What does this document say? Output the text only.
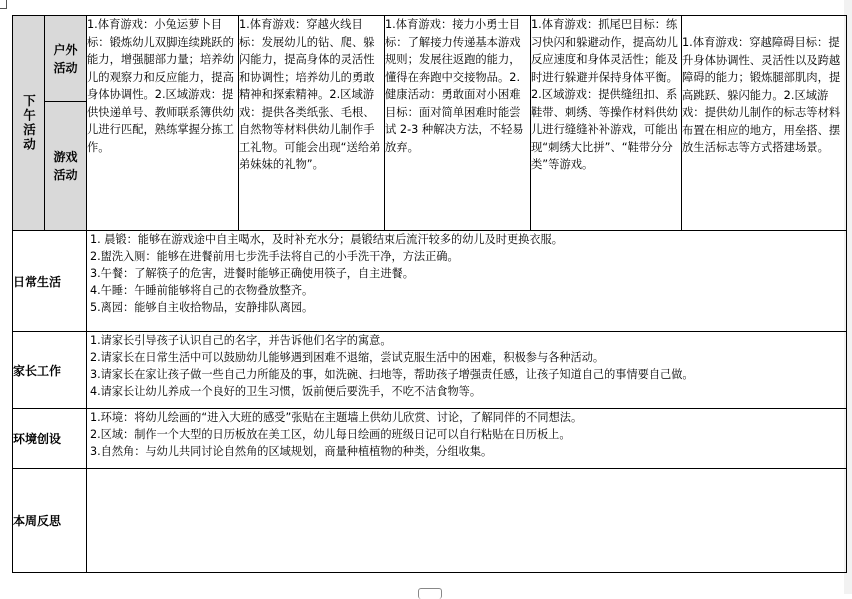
下午活动	户外活动	1.体育游戏：小兔运萝卜目标：锻炼幼儿双脚连续跳跃的能力，增强腿部力量；培养幼儿的观察力和反应能力，提高身体协调性。2.区域游戏：提供快递单号、教师联系簿供幼儿进行匹配，熟练掌握分拣工作。	1.体育游戏：穿越火线目标：发展幼儿的钻、爬、躲闪能力，提高身体的灵活性和协调性；培养幼儿的勇敢精神和探索精神。2.区域游戏：提供各类纸张、毛根、自然物等材料供幼儿制作手工礼物。可能会出现“送给弟弟妹妹的礼物”。	1.体育游戏：接力小勇士目标：了解接力传递基本游戏规则；发展往返跑的能力，懂得在奔跑中交接物品。2.健康活动：勇敢面对小困难目标：面对简单困难时能尝试 2-3 种解决方法，不轻易放弃。	1.体育游戏：抓尾巴目标：练习快闪和躲避动作，提高幼儿反应速度和身体灵活性；能及时进行躲避并保持身体平衡。2.区域游戏：提供缝纽扣、系鞋带、刺绣、等操作材料供幼儿进行缝缝补补游戏，可能出现“刺绣大比拼”、“鞋带分分类”等游戏。	1.体育游戏：穿越障碍目标：提升身体协调性、灵活性以及跨越障碍的能力；锻炼腿部肌肉，提高跳跃、躲闪能力。2.区域游戏：提供幼儿制作的标志等材料布置在相应的地方，用垒搭、摆放生活标志等方式搭建场景。

	游戏活动					

日常生活		1. 晨锻：能够在游戏途中自主喝水，及时补充水分；晨锻结束后流汗较多的幼儿及时更换衣服。
2.盥洗入厕：能够在进餐前用七步洗手法将自己的小手洗干净，方法正确。
3.午餐：了解筷子的危害，进餐时能够正确使用筷子，自主进餐。
4.午睡：午睡前能够将自己的衣物叠放整齐。
5.离园：能够自主收拾物品，安静排队离园。				

家长工作		1.请家长引导孩子认识自己的名字，并告诉他们名字的寓意。
2.请家长在日常生活中可以鼓励幼儿能够遇到困难不退缩，尝试克服生活中的困难，积极参与各种活动。
3.请家长在家让孩子做一些自己力所能及的事，如洗碗、扫地等，帮助孩子增强责任感，让孩子知道自己的事情要自己做。
4.请家长让幼儿养成一个良好的卫生习惯，饭前便后要洗手，不吃不洁食物等。				

环境创设		1.环境：将幼儿绘画的“进入大班的感受”张贴在主题墙上供幼儿欣赏、讨论，了解同伴的不同想法。
2.区域：制作一个大型的日历板放在美工区，幼儿每日绘画的班级日记可以自行粘贴在日历板上。
3.自然角：与幼儿共同讨论自然角的区域规划，商量种植植物的种类，分组收集。				

本周反思						
